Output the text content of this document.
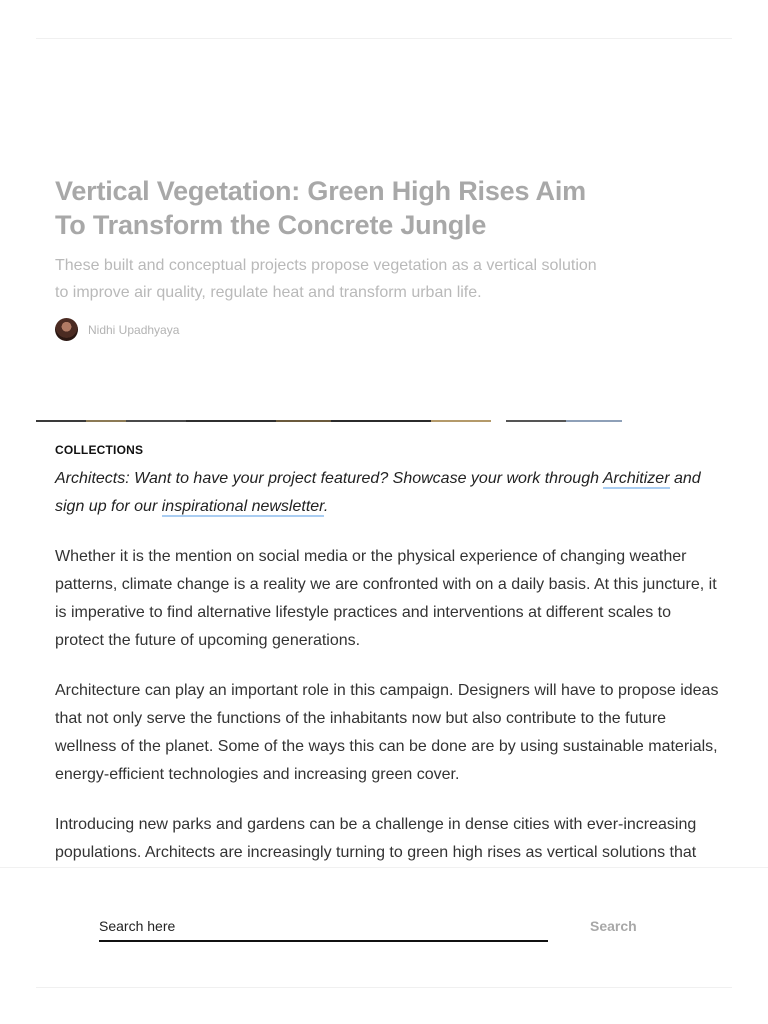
Vertical Vegetation: Green High Rises Aim To Transform the Concrete Jungle

These built and conceptual projects propose vegetation as a vertical solution to improve air quality, regulate heat and transform urban life.

Nidhi Upadhyaya

COLLECTIONS

Architects: Want to have your project featured? Showcase your work through Architizer and sign up for our inspirational newsletter.

Whether it is the mention on social media or the physical experience of changing weather patterns, climate change is a reality we are confronted with on a daily basis. At this juncture, it is imperative to find alternative lifestyle practices and interventions at different scales to protect the future of upcoming generations.

Architecture can play an important role in this campaign. Designers will have to propose ideas that not only serve the functions of the inhabitants now but also contribute to the future wellness of the planet. Some of the ways this can be done are by using sustainable materials, energy-efficient technologies and increasing green cover.

Introducing new parks and gardens can be a challenge in dense cities with ever-increasing populations. Architects are increasingly turning to green high rises as vertical solutions that

Search here
Search
